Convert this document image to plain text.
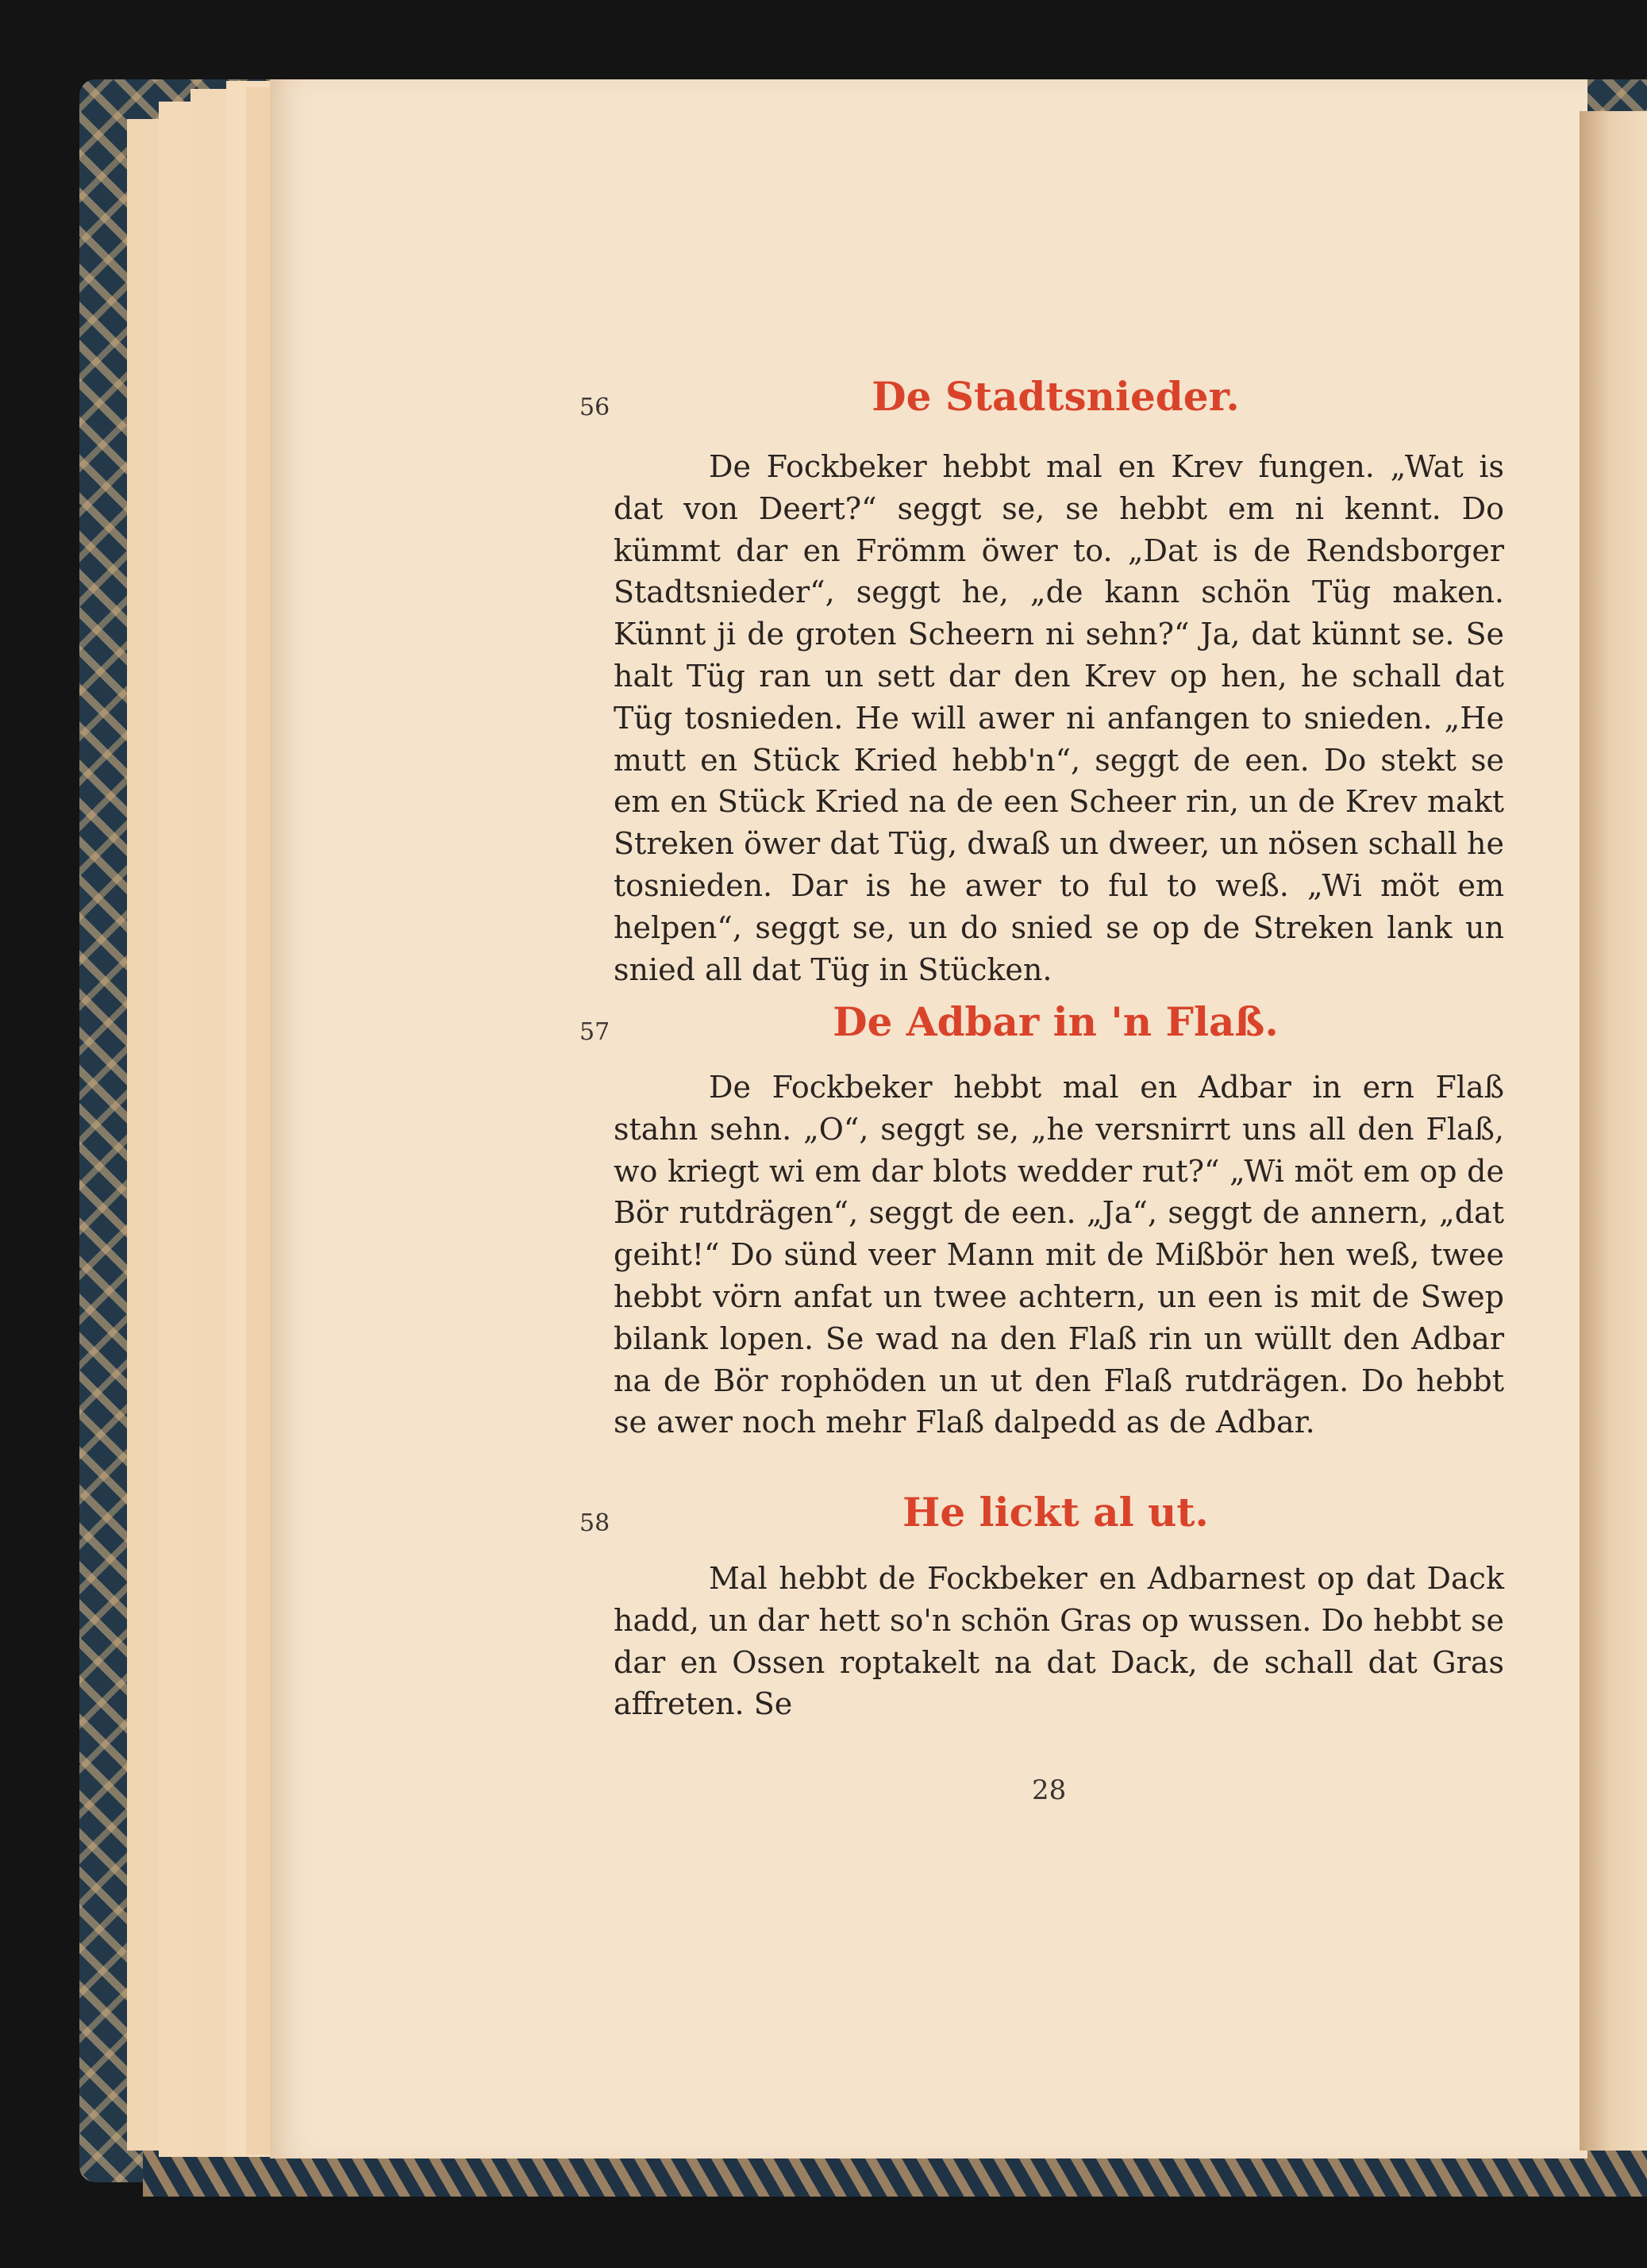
56	De Stadtsnieder.
De Fockbeker hebbt mal en Krev fungen. „Wat is dat von Deert?“ seggt se, se hebbt em ni kennt. Do kümmt dar en Frömm öwer to. „Dat is de Rendsborger Stadtsnieder“, seggt he, „de kann schön Tüg maken. Künnt ji de groten Scheern ni sehn?“ Ja, dat künnt se. Se halt Tüg ran un sett dar den Krev op hen, he schall dat Tüg tosnieden. He will awer ni anfangen to snieden. „He mutt en Stück Kried hebb'n“, seggt de een. Do stekt se em en Stück Kried na de een Scheer rin, un de Krev makt Streken öwer dat Tüg, dwaß un dweer, un nösen schall he tosnieden. Dar is he awer to ful to weß. „Wi möt em helpen“, seggt se, un do snied se op de Streken lank un snied all dat Tüg in Stücken.
57	De Adbar in 'n Flaß.
De Fockbeker hebbt mal en Adbar in ern Flaß stahn sehn. „O“, seggt se, „he versnirrt uns all den Flaß, wo kriegt wi em dar blots wedder rut?“ „Wi möt em op de Bör rutdrägen“, seggt de een. „Ja“, seggt de annern, „dat geiht!“ Do sünd veer Mann mit de Mißbör hen weß, twee hebbt vörn anfat un twee achtern, un een is mit de Swep bilank lopen. Se wad na den Flaß rin un wüllt den Adbar na de Bör rophöden un ut den Flaß rutdrägen. Do hebbt se awer noch mehr Flaß dalpedd as de Adbar.
58	He lickt al ut.
Mal hebbt de Fockbeker en Adbarnest op dat Dack hadd, un dar hett so'n schön Gras op wussen. Do hebbt se dar en Ossen roptakelt na dat Dack, de schall dat Gras affreten. Se
28
